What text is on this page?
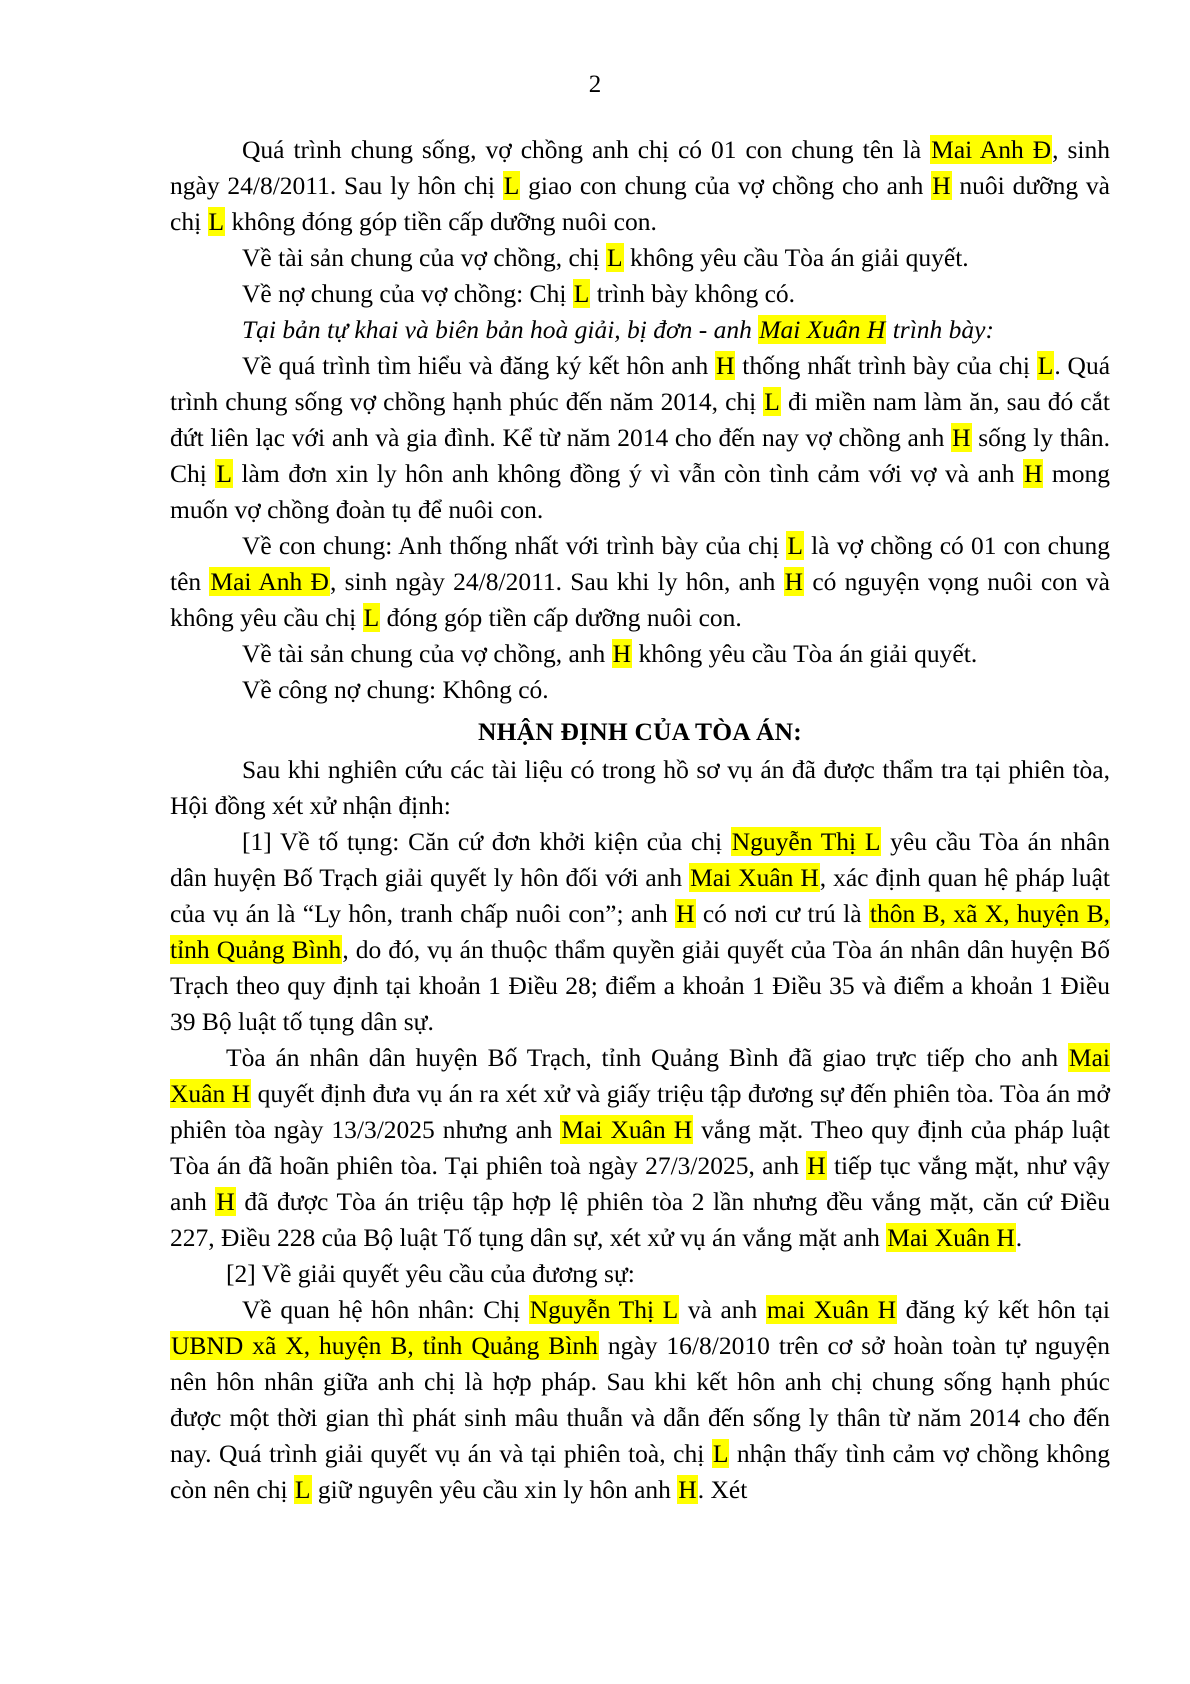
2

Quá trình chung sống, vợ chồng anh chị có 01 con chung tên là Mai Anh Đ, sinh ngày 24/8/2011. Sau ly hôn chị L giao con chung của vợ chồng cho anh H nuôi dưỡng và chị L không đóng góp tiền cấp dưỡng nuôi con.

Về tài sản chung của vợ chồng, chị L không yêu cầu Tòa án giải quyết.

Về nợ chung của vợ chồng: Chị L trình bày không có.

Tại bản tự khai và biên bản hoà giải, bị đơn - anh Mai Xuân H trình bày:

Về quá trình tìm hiểu và đăng ký kết hôn anh H thống nhất trình bày của chị L. Quá trình chung sống vợ chồng hạnh phúc đến năm 2014, chị L đi miền nam làm ăn, sau đó cắt đứt liên lạc với anh và gia đình. Kể từ năm 2014 cho đến nay vợ chồng anh H sống ly thân. Chị L làm đơn xin ly hôn anh không đồng ý vì vẫn còn tình cảm với vợ và anh H mong muốn vợ chồng đoàn tụ để nuôi con.

Về con chung: Anh thống nhất với trình bày của chị L là vợ chồng có 01 con chung tên Mai Anh Đ, sinh ngày 24/8/2011. Sau khi ly hôn, anh H có nguyện vọng nuôi con và không yêu cầu chị L đóng góp tiền cấp dưỡng nuôi con.

Về tài sản chung của vợ chồng, anh H không yêu cầu Tòa án giải quyết.

Về công nợ chung: Không có.

NHẬN ĐỊNH CỦA TÒA ÁN:

Sau khi nghiên cứu các tài liệu có trong hồ sơ vụ án đã được thẩm tra tại phiên tòa, Hội đồng xét xử nhận định:

[1] Về tố tụng: Căn cứ đơn khởi kiện của chị Nguyễn Thị L yêu cầu Tòa án nhân dân huyện Bố Trạch giải quyết ly hôn đối với anh Mai Xuân H, xác định quan hệ pháp luật của vụ án là “Ly hôn, tranh chấp nuôi con”; anh H có nơi cư trú là thôn B, xã X, huyện B, tỉnh Quảng Bình, do đó, vụ án thuộc thẩm quyền giải quyết của Tòa án nhân dân huyện Bố Trạch theo quy định tại khoản 1 Điều 28; điểm a khoản 1 Điều 35 và điểm a khoản 1 Điều 39 Bộ luật tố tụng dân sự.

Tòa án nhân dân huyện Bố Trạch, tỉnh Quảng Bình đã giao trực tiếp cho anh Mai Xuân H quyết định đưa vụ án ra xét xử và giấy triệu tập đương sự đến phiên tòa. Tòa án mở phiên tòa ngày 13/3/2025 nhưng anh Mai Xuân H vắng mặt. Theo quy định của pháp luật Tòa án đã hoãn phiên tòa. Tại phiên toà ngày 27/3/2025, anh H tiếp tục vắng mặt, như vậy anh H đã được Tòa án triệu tập hợp lệ phiên tòa 2 lần nhưng đều vắng mặt, căn cứ Điều 227, Điều 228 của Bộ luật Tố tụng dân sự, xét xử vụ án vắng mặt anh Mai Xuân H.

[2] Về giải quyết yêu cầu của đương sự:

Về quan hệ hôn nhân: Chị Nguyễn Thị L và anh mai Xuân H đăng ký kết hôn tại UBND xã X, huyện B, tỉnh Quảng Bình ngày 16/8/2010 trên cơ sở hoàn toàn tự nguyện nên hôn nhân giữa anh chị là hợp pháp. Sau khi kết hôn anh chị chung sống hạnh phúc được một thời gian thì phát sinh mâu thuẫn và dẫn đến sống ly thân từ năm 2014 cho đến nay. Quá trình giải quyết vụ án và tại phiên toà, chị L nhận thấy tình cảm vợ chồng không còn nên chị L giữ nguyên yêu cầu xin ly hôn anh H. Xét
